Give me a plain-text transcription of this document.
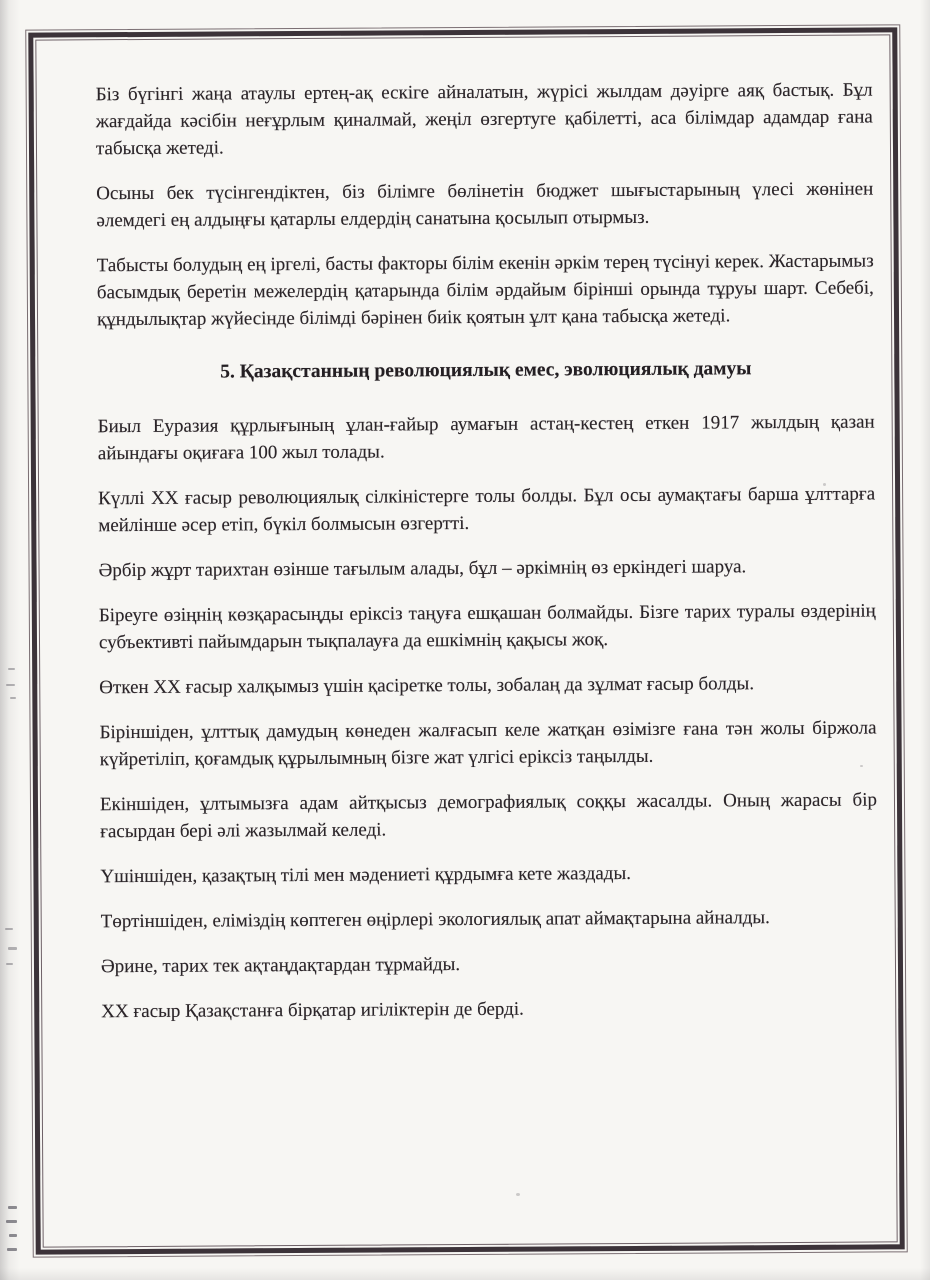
Біз бүгінгі жаңа атаулы ертең-ақ ескіге айналатын, жүрісі жылдам дәуірге аяқ бастық. Бұл жағдайда кәсібін неғұрлым қиналмай, жеңіл өзгертуге қабілетті, аса білімдар адамдар ғана табысқа жетеді.

Осыны бек түсінгендіктен, біз білімге бөлінетін бюджет шығыстарының үлесі жөнінен әлемдегі ең алдыңғы қатарлы елдердің санатына қосылып отырмыз.

Табысты болудың ең іргелі, басты факторы білім екенін әркім терең түсінуі керек. Жастарымыз басымдық беретін межелердің қатарында білім әрдайым бірінші орында тұруы шарт. Себебі, құндылықтар жүйесінде білімді бәрінен биік қоятын ұлт қана табысқа жетеді.

5. Қазақстанның революциялық емес, эволюциялық дамуы

Биыл Еуразия құрлығының ұлан-ғайыр аумағын астаң-кестең еткен 1917 жылдың қазан айындағы оқиғаға 100 жыл толады.

Күллі XX ғасыр революциялық сілкіністерге толы болды. Бұл осы аумақтағы барша ұлттарға мейлінше әсер етіп, бүкіл болмысын өзгертті.

Әрбір жұрт тарихтан өзінше тағылым алады, бұл – әркімнің өз еркіндегі шаруа.

Біреуге өзіңнің көзқарасыңды еріксіз таңуға ешқашан болмайды. Бізге тарих туралы өздерінің субъективті пайымдарын тықпалауға да ешкімнің қақысы жоқ.

Өткен XX ғасыр халқымыз үшін қасіретке толы, зобалаң да зұлмат ғасыр болды.

Біріншіден, ұлттық дамудың көнеден жалғасып келе жатқан өзімізге ғана тән жолы біржола күйретіліп, қоғамдық құрылымның бізге жат үлгісі еріксіз таңылды.

Екіншіден, ұлтымызға адам айтқысыз демографиялық соққы жасалды. Оның жарасы бір ғасырдан бері әлі жазылмай келеді.

Үшіншіден, қазақтың тілі мен мәдениеті құрдымға кете жаздады.

Төртіншіден, еліміздің көптеген өңірлері экологиялық апат аймақтарына айналды.

Әрине, тарих тек ақтаңдақтардан тұрмайды.

XX ғасыр Қазақстанға бірқатар игіліктерін де берді.
